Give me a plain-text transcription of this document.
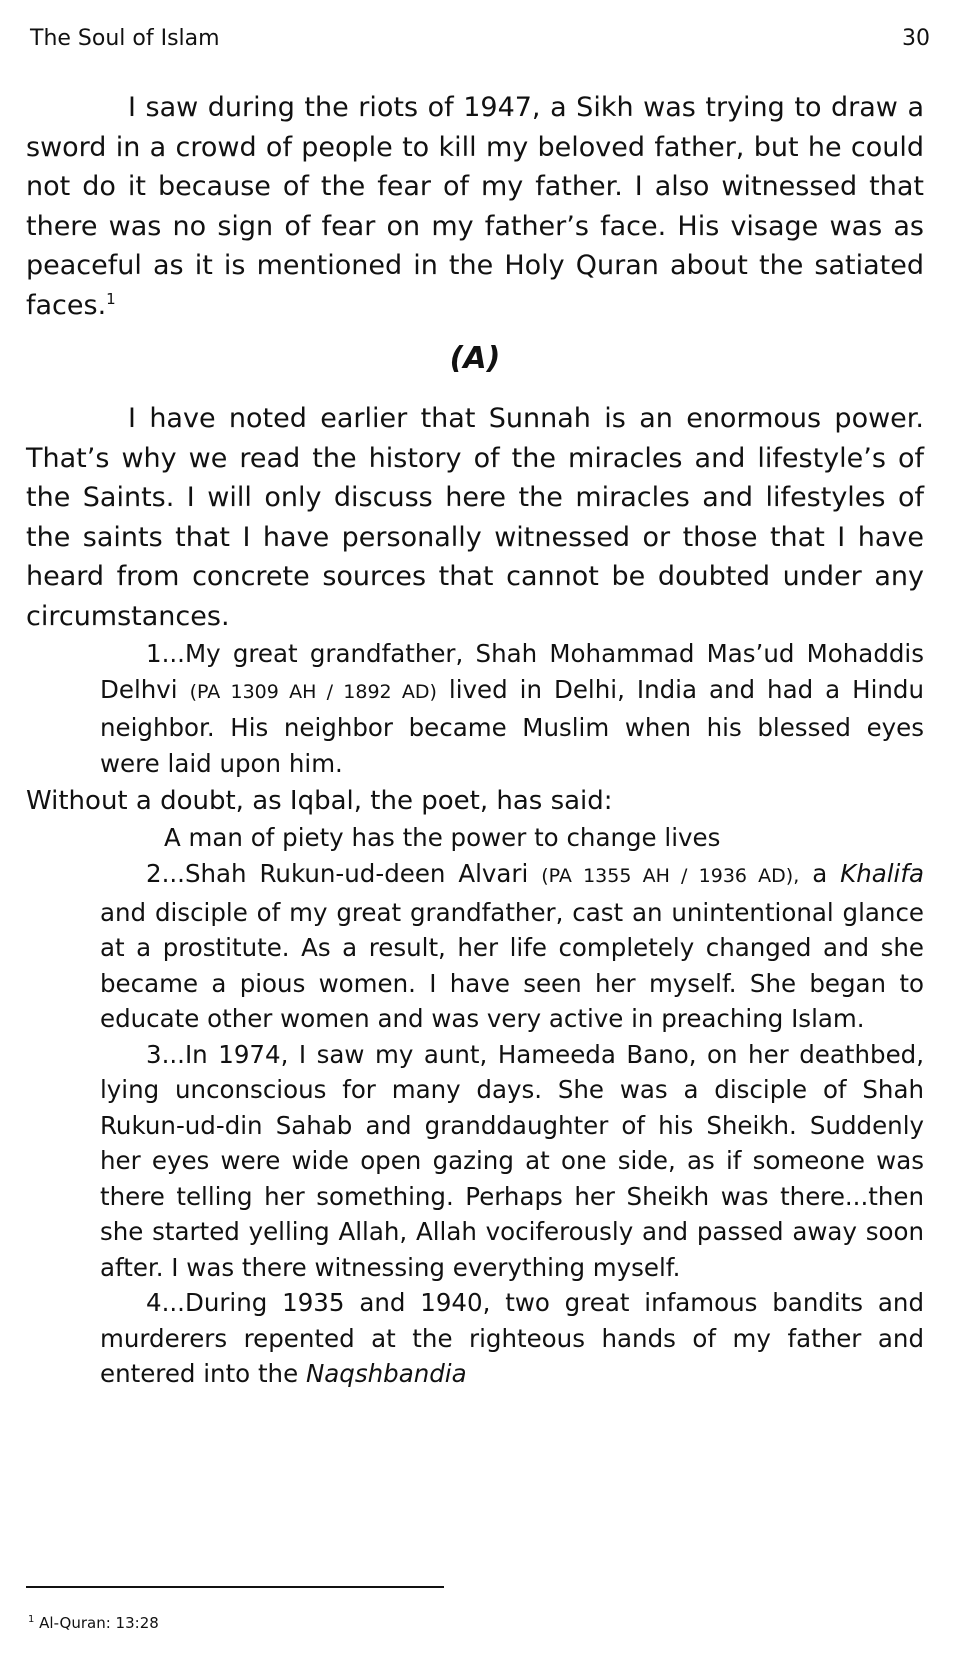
The Soul of Islam	30

I saw during the riots of 1947, a Sikh was trying to draw a sword in a crowd of people to kill my beloved father, but he could not do it because of the fear of my father. I also witnessed that there was no sign of fear on my father’s face. His visage was as peaceful as it is mentioned in the Holy Quran about the satiated faces.$^1$

(A)

I have noted earlier that Sunnah is an enormous power. That’s why we read the history of the miracles and lifestyle’s of the Saints. I will only discuss here the miracles and lifestyles of the saints that I have personally witnessed or those that I have heard from concrete sources that cannot be doubted under any circumstances.

1...My great grandfather, Shah Mohammad Mas’ud Mohaddis Delhvi (PA 1309 AH / 1892 AD) lived in Delhi, India and had a Hindu neighbor. His neighbor became Muslim when his blessed eyes were laid upon him.

Without a doubt, as Iqbal, the poet, has said:

A man of piety has the power to change lives

2...Shah Rukun-ud-deen Alvari (PA 1355 AH / 1936 AD), a Khalifa and disciple of my great grandfather, cast an unintentional glance at a prostitute. As a result, her life completely changed and she became a pious women. I have seen her myself. She began to educate other women and was very active in preaching Islam.

3...In 1974, I saw my aunt, Hameeda Bano, on her deathbed, lying unconscious for many days. She was a disciple of Shah Rukun-ud-din Sahab and granddaughter of his Sheikh. Suddenly her eyes were wide open gazing at one side, as if someone was there telling her something. Perhaps her Sheikh was there...then she started yelling Allah, Allah vociferously and passed away soon after. I was there witnessing everything myself.

4...During 1935 and 1940, two great infamous bandits and murderers repented at the righteous hands of my father and entered into the Naqshbandia

$^1$ Al-Quran: 13:28
